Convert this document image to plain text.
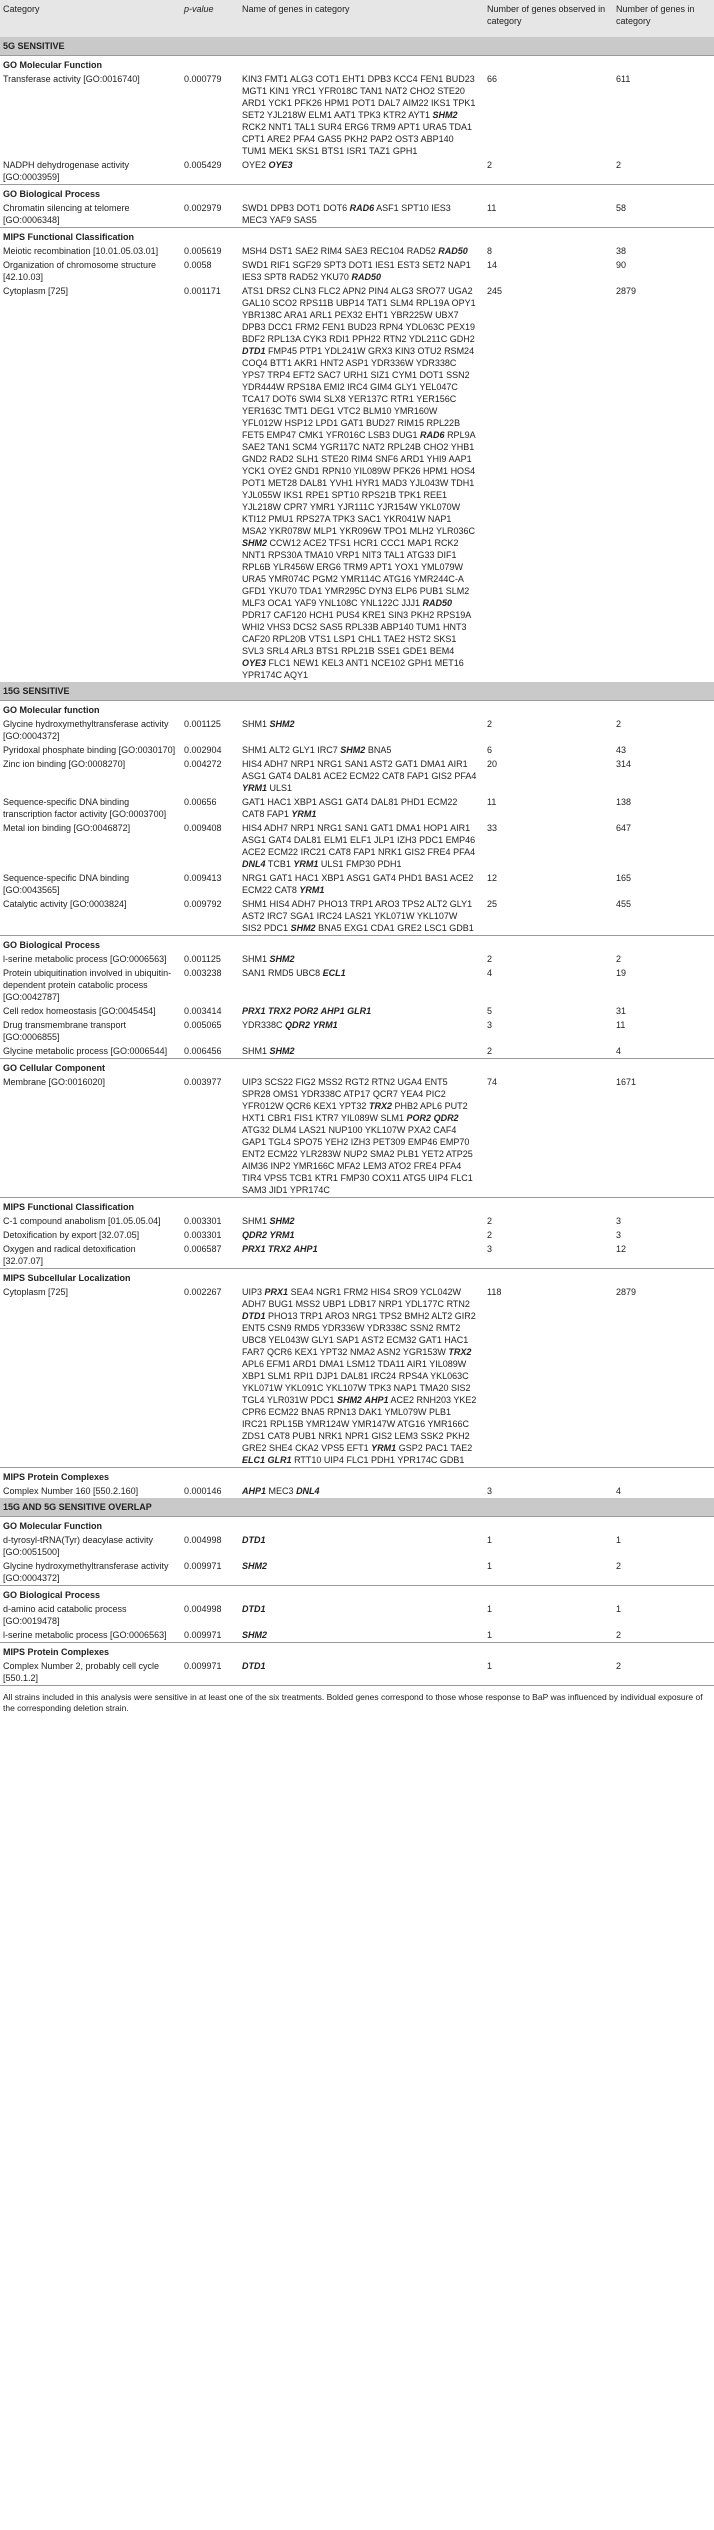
Category	p-value	Name of genes in category	Number of genes observed in category	Number of genes in category
5G SENSITIVE				
GO Molecular Function				
Transferase activity [GO:0016740]	0.000779	KIN3 FMT1 ALG3 COT1 EHT1 DPB3 KCC4 FEN1 BUD23 MGT1 KIN1 YRC1 YFR018C TAN1 NAT2 CHO2 STE20 ARD1 YCK1 PFK26 HPM1 POT1 DAL7 AIM22 IKS1 TPK1 SET2 YJL218W ELM1 AAT1 TPK3 KTR2 AYT1 SHM2 RCK2 NNT1 TAL1 SUR4 ERG6 TRM9 APT1 URA5 TDA1 CPT1 ARE2 PFA4 GAS5 PKH2 PAP2 OST3 ABP140 TUM1 MEK1 SKS1 BTS1 ISR1 TAZ1 GPH1	66	611
NADPH dehydrogenase activity [GO:0003959]	0.005429	OYE2 OYE3	2	2
GO Biological Process				
Chromatin silencing at telomere [GO:0006348]	0.002979	SWD1 DPB3 DOT1 DOT6 RAD6 ASF1 SPT10 IES3 MEC3 YAF9 SAS5	11	58
MIPS Functional Classification				
Meiotic recombination [10.01.05.03.01]	0.005619	MSH4 DST1 SAE2 RIM4 SAE3 REC104 RAD52 RAD50	8	38
Organization of chromosome structure [42.10.03]	0.0058	SWD1 RIF1 SGF29 SPT3 DOT1 IES1 EST3 SET2 NAP1 IES3 SPT8 RAD52 YKU70 RAD50	14	90
Cytoplasm [725]	0.001171	ATS1 DRS2 CLN3 FLC2 APN2 PIN4 ALG3 SRO77 UGA2 GAL10 SCO2 RPS11B UBP14 TAT1 SLM4 RPL19A OPY1 YBR138C ARA1 ARL1 PEX32 EHT1 YBR225W UBX7 DPB3 DCC1 FRM2 FEN1 BUD23 RPN4 YDL063C PEX19 BDF2 RPL13A CYK3 RDI1 PPH22 RTN2 YDL211C GDH2 DTD1 FMP45 PTP1 YDL241W GRX3 KIN3 OTU2 RSM24 COQ4 BTT1 AKR1 HNT2 ASP1 YDR336W YDR338C YPS7 TRP4 EFT2 SAC7 URH1 SIZ1 CYM1 DOT1 SSN2 YDR444W RPS18A EMI2 IRC4 GIM4 GLY1 YEL047C TCA17 DOT6 SWI4 SLX8 YER137C RTR1 YER156C YER163C TMT1 DEG1 VTC2 BLM10 YMR160W YFL012W HSP12 LPD1 GAT1 BUD27 RIM15 RPL22B FET5 EMP47 CMK1 YFR016C LSB3 DUG1 RAD6 RPL9A SAE2 TAN1 SCM4 YGR117C NAT2 RPL24B CHO2 YHB1 GND2 RAD2 SLH1 STE20 RIM4 SNF6 ARD1 YHI9 AAP1 YCK1 OYE2 GND1 RPN10 YIL089W PFK26 HPM1 HOS4 POT1 MET28 DAL81 YVH1 HYR1 MAD3 YJL043W TDH1 YJL055W IKS1 RPE1 SPT10 RPS21B TPK1 REE1 YJL218W CPR7 YMR1 YJR111C YJR154W YKL070W KTI12 PMU1 RPS27A TPK3 SAC1 YKR041W NAP1 MSA2 YKR078W MLP1 YKR096W TPO1 MLH2 YLR036C SHM2 CCW12 ACE2 TFS1 HCR1 CCC1 MAP1 RCK2 NNT1 RPS30A TMA10 VRP1 NIT3 TAL1 ATG33 DIF1 RPL6B YLR456W ERG6 TRM9 APT1 YOX1 YML079W URA5 YMR074C PGM2 YMR114C ATG16 YMR244C-A GFD1 YKU70 TDA1 YMR295C DYN3 ELP6 PUB1 SLM2 MLF3 OCA1 YAF9 YNL108C YNL122C JJJ1 RAD50 PDR17 CAF120 HCH1 PUS4 KRE1 SIN3 PKH2 RPS19A WHI2 VHS3 DCS2 SAS5 RPL33B ABP140 TUM1 HNT3 CAF20 RPL20B VTS1 LSP1 CHL1 TAE2 HST2 SKS1 SVL3 SRL4 ARL3 BTS1 RPL21B SSE1 GDE1 BEM4 OYE3 FLC1 NEW1 KEL3 ANT1 NCE102 GPH1 MET16 YPR174C AQY1	245	2879
15G SENSITIVE				
GO Molecular function				
Glycine hydroxymethyltransferase activity [GO:0004372]	0.001125	SHM1 SHM2	2	2
Pyridoxal phosphate binding [GO:0030170]	0.002904	SHM1 ALT2 GLY1 IRC7 SHM2 BNA5	6	43
Zinc ion binding [GO:0008270]	0.004272	HIS4 ADH7 NRP1 NRG1 SAN1 AST2 GAT1 DMA1 AIR1 ASG1 GAT4 DAL81 ACE2 ECM22 CAT8 FAP1 GIS2 PFA4 YRM1 ULS1	20	314
Sequence-specific DNA binding transcription factor activity [GO:0003700]	0.00656	GAT1 HAC1 XBP1 ASG1 GAT4 DAL81 PHD1 ECM22 CAT8 FAP1 YRM1	11	138
Metal ion binding [GO:0046872]	0.009408	HIS4 ADH7 NRP1 NRG1 SAN1 GAT1 DMA1 HOP1 AIR1 ASG1 GAT4 DAL81 ELM1 ELF1 JLP1 IZH3 PDC1 EMP46 ACE2 ECM22 IRC21 CAT8 FAP1 NRK1 GIS2 FRE4 PFA4 DNL4 TCB1 YRM1 ULS1 FMP30 PDH1	33	647
Sequence-specific DNA binding [GO:0043565]	0.009413	NRG1 GAT1 HAC1 XBP1 ASG1 GAT4 PHD1 BAS1 ACE2 ECM22 CAT8 YRM1	12	165
Catalytic activity [GO:0003824]	0.009792	SHM1 HIS4 ADH7 PHO13 TRP1 ARO3 TPS2 ALT2 GLY1 AST2 IRC7 SGA1 IRC24 LAS21 YKL071W YKL107W SIS2 PDC1 SHM2 BNA5 EXG1 CDA1 GRE2 LSC1 GDB1	25	455
GO Biological Process				
l-serine metabolic process [GO:0006563]	0.001125	SHM1 SHM2	2	2
Protein ubiquitination involved in ubiquitin-dependent protein catabolic process [GO:0042787]	0.003238	SAN1 RMD5 UBC8 ECL1	4	19
Cell redox homeostasis [GO:0045454]	0.003414	PRX1 TRX2 POR2 AHP1 GLR1	5	31
Drug transmembrane transport [GO:0006855]	0.005065	YDR338C QDR2 YRM1	3	11
Glycine metabolic process [GO:0006544]	0.006456	SHM1 SHM2	2	4
GO Cellular Component				
Membrane [GO:0016020]	0.003977	UIP3 SCS22 FIG2 MSS2 RGT2 RTN2 UGA4 ENT5 SPR28 OMS1 YDR338C ATP17 QCR7 YEA4 PIC2 YFR012W QCR6 KEX1 YPT32 TRX2 PHB2 APL6 PUT2 HXT1 CBR1 FIS1 KTR7 YIL089W SLM1 POR2 QDR2 ATG32 DLM4 LAS21 NUP100 YKL107W PXA2 CAF4 GAP1 TGL4 SPO75 YEH2 IZH3 PET309 EMP46 EMP70 ENT2 ECM22 YLR283W NUP2 SMA2 PLB1 YET2 ATP25 AIM36 INP2 YMR166C MFA2 LEM3 ATO2 FRE4 PFA4 TIR4 VPS5 TCB1 KTR1 FMP30 COX11 ATG5 UIP4 FLC1 SAM3 JID1 YPR174C	74	1671
MIPS Functional Classification				
C-1 compound anabolism [01.05.05.04]	0.003301	SHM1 SHM2	2	3
Detoxification by export [32.07.05]	0.003301	QDR2 YRM1	2	3
Oxygen and radical detoxification [32.07.07]	0.006587	PRX1 TRX2 AHP1	3	12
MIPS Subcellular Localization				
Cytoplasm [725]	0.002267	UIP3 PRX1 SEA4 NGR1 FRM2 HIS4 SRO9 YCL042W ADH7 BUG1 MSS2 UBP1 LDB17 NRP1 YDL177C RTN2 DTD1 PHO13 TRP1 ARO3 NRG1 TPS2 BMH2 ALT2 GIR2 ENT5 CSN9 RMD5 YDR336W YDR338C SSN2 RMT2 UBC8 YEL043W GLY1 SAP1 AST2 ECM32 GAT1 HAC1 FAR7 QCR6 KEX1 YPT32 NMA2 ASN2 YGR153W TRX2 APL6 EFM1 ARD1 DMA1 LSM12 TDA11 AIR1 YIL089W XBP1 SLM1 RPI1 DJP1 DAL81 IRC24 RPS4A YKL063C YKL071W YKL091C YKL107W TPK3 NAP1 TMA20 SIS2 TGL4 YLR031W PDC1 SHM2 AHP1 ACE2 RNH203 YKE2 CPR6 ECM22 BNA5 RPN13 DAK1 YML079W PLB1 IRC21 RPL15B YMR124W YMR147W ATG16 YMR166C ZDS1 CAT8 PUB1 NRK1 NPR1 GIS2 LEM3 SSK2 PKH2 GRE2 SHE4 CKA2 VPS5 EFT1 YRM1 GSP2 PAC1 TAE2 ELC1 GLR1 RTT10 UIP4 FLC1 PDH1 YPR174C GDB1	118	2879
MIPS Protein Complexes				
Complex Number 160 [550.2.160]	0.000146	AHP1 MEC3 DNL4	3	4
15G AND 5G SENSITIVE OVERLAP				
GO Molecular Function				
d-tyrosyl-tRNA(Tyr) deacylase activity [GO:0051500]	0.004998	DTD1	1	1
Glycine hydroxymethyltransferase activity [GO:0004372]	0.009971	SHM2	1	2
GO Biological Process				
d-amino acid catabolic process [GO:0019478]	0.004998	DTD1	1	1
l-serine metabolic process [GO:0006563]	0.009971	SHM2	1	2
MIPS Protein Complexes				
Complex Number 2, probably cell cycle [550.1.2]	0.009971	DTD1	1	2
All strains included in this analysis were sensitive in at least one of the six treatments. Bolded genes correspond to those whose response to BaP was influenced by individual exposure of the corresponding deletion strain.
